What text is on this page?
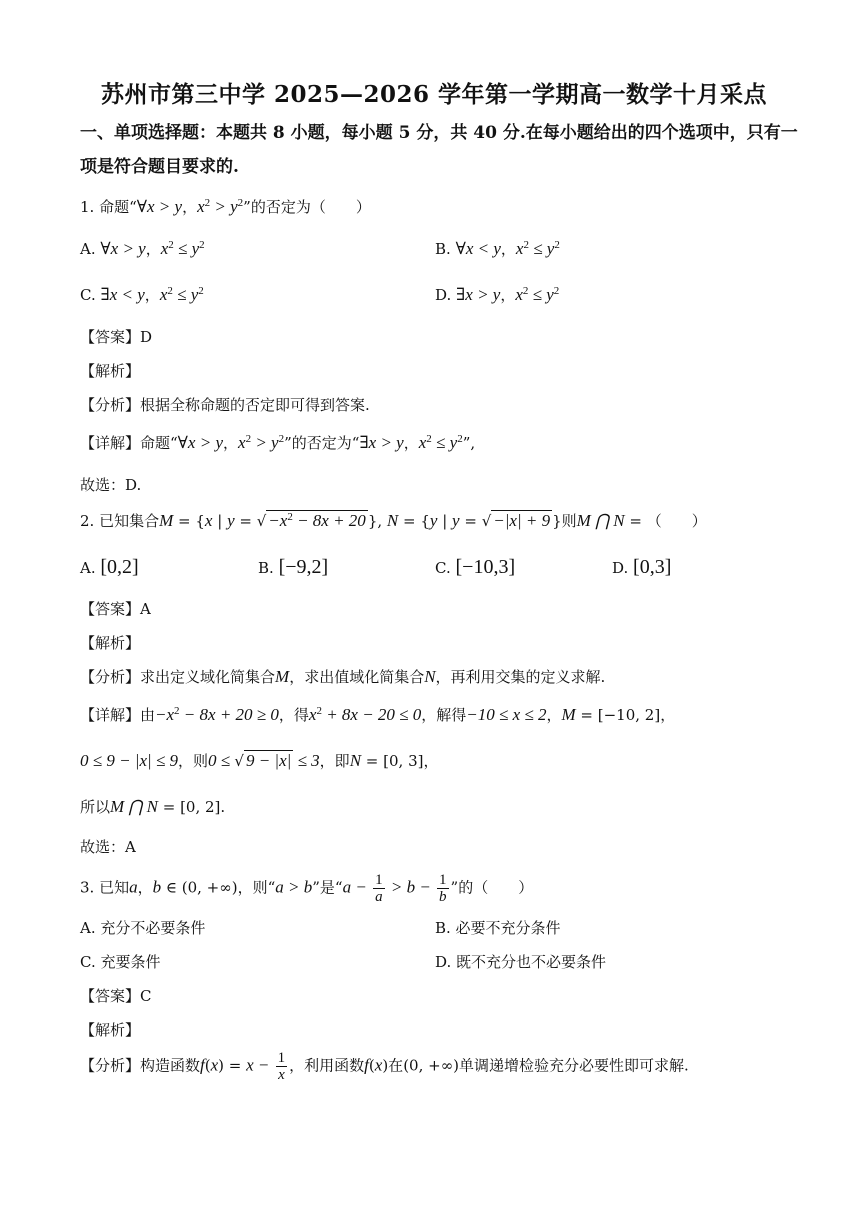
苏州市第三中学 2025—2026 学年第一学期高一数学十月采点
一、单项选择题：本题共 8 小题，每小题 5 分，共 40 分.在每小题给出的四个选项中，只有一
项是符合题目要求的.
1. 命题“∀x > y，$x^2 > y^2$”的否定为（　　）
A. ∀x > y，$x^2 \le y^2$	B. ∀x < y，$x^2 \le y^2$
C. ∃x < y，$x^2 \le y^2$	D. ∃x > y，$x^2 \le y^2$
【答案】D
【解析】
【分析】根据全称命题的否定即可得到答案.
【详解】命题“∀x > y，$x^2 > y^2$”的否定为“∃x > y，$x^2 \le y^2$”,
故选：D.
2. 已知集合M = {x | y = √ $-x^2 - 8x + 20$ }, N = {y | y = √ −|x| + 9 }则M ⋂ N = （　　）
A. [0,2]	B. [−9,2]	C. [−10,3]	D. [0,3]
【答案】A
【解析】
【分析】求出定义域化简集合M，求出值域化简集合N，再利用交集的定义求解.
【详解】由$-x^2 - 8x + 20 \ge 0$，得$x^2 + 8x - 20 \le 0$，解得−10 ≤ x ≤ 2，M = [−10, 2]，
0 ≤ 9 − |x| ≤ 9，则0 ≤ √ 9 − |x| ≤ 3，即N = [0, 3]，
所以M ⋂ N = [0, 2].
故选：A
3. 已知a，b ∈ (0, +∞)，则“a > b”是“$a - \frac{1}{a} > b - \frac{1}{b}$ ”的（　　）
A. 充分不必要条件	B. 必要不充分条件
C. 充要条件	D. 既不充分也不必要条件
【答案】C
【解析】
【分析】构造函数$f(x) = x - \frac{1}{x}$ ，利用函数f(x)在(0, +∞)单调递增检验充分必要性即可求解.
